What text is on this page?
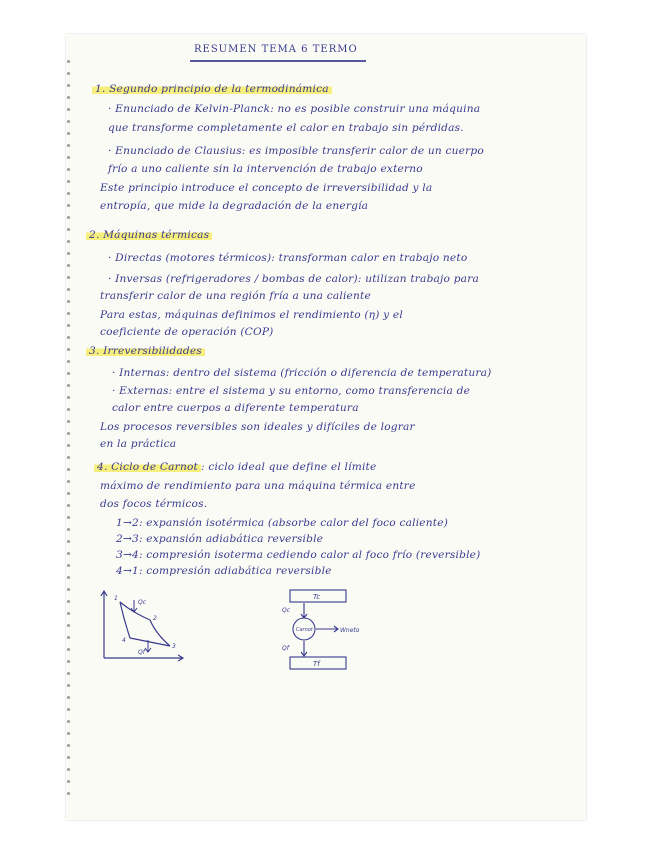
RESUMEN TEMA 6 TERMO
1. Segundo principio de la termodinámica
· Enunciado de Kelvin-Planck: no es posible construir una máquina
que transforme completamente el calor en trabajo sin pérdidas.
· Enunciado de Clausius: es imposible transferir calor de un cuerpo
frío a uno caliente sin la intervención de trabajo externo
Este principio introduce el concepto de irreversibilidad y la
entropía, que mide la degradación de la energía
2. Máquinas térmicas
· Directas (motores térmicos): transforman calor en trabajo neto
· Inversas (refrigeradores / bombas de calor): utilizan trabajo para
transferir calor de una región fría a una caliente
Para estas, máquinas definimos el rendimiento (η) y el
coeficiente de operación (COP)
3. Irreversibilidades
· Internas: dentro del sistema (fricción o diferencia de temperatura)
· Externas: entre el sistema y su entorno, como transferencia de
calor entre cuerpos a diferente temperatura
Los procesos reversibles son ideales y difíciles de lograr
en la práctica
4. Ciclo de Carnot : ciclo ideal que define el límite
máximo de rendimiento para una máquina térmica entre
dos focos térmicos.
1→2: expansión isotérmica (absorbe calor del foco caliente)
2→3: expansión adiabática reversible
3→4: compresión isoterma cediendo calor al foco frío (reversible)
4→1: compresión adiabática reversible
1
2
3
4
Qc
Qf
Tc
Qc
Carnot	Wneto
Qf
Tf
